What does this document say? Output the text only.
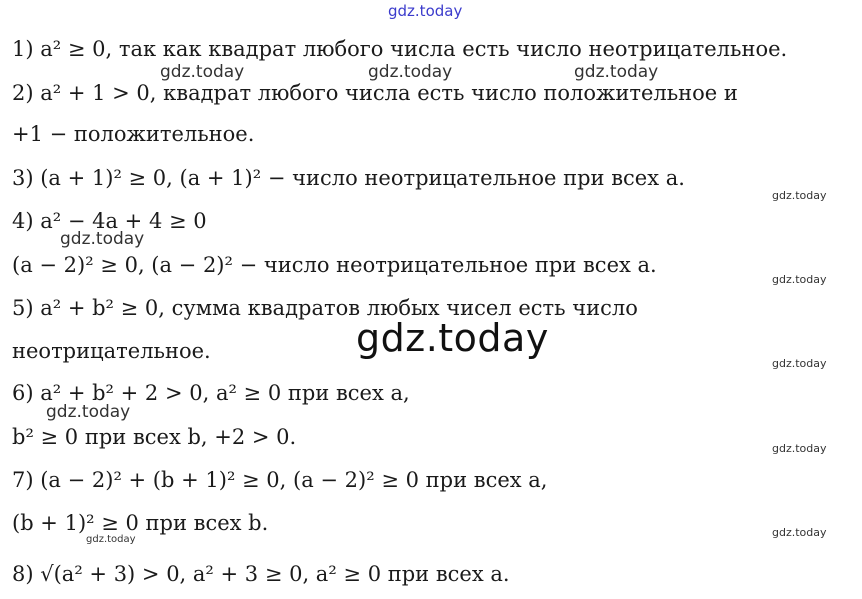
gdz.today
1) a² ≥ 0, так как квадрат любого числа есть число неотрицательное.
2) a² + 1 > 0, квадрат любого числа есть число положительное и
+1 − положительное.
3) (a + 1)² ≥ 0, (a + 1)² − число неотрицательное при всех a.
4) a² − 4a + 4 ≥ 0
(a − 2)² ≥ 0, (a − 2)² − число неотрицательное при всех a.
5) a² + b² ≥ 0, сумма квадратов любых чисел есть число
неотрицательное.
6) a² + b² + 2 > 0, a² ≥ 0 при всех a,
b² ≥ 0 при всех b, +2 > 0.
7) (a − 2)² + (b + 1)² ≥ 0, (a − 2)² ≥ 0 при всех a,
(b + 1)² ≥ 0 при всех b.
8) √(a² + 3) > 0, a² + 3 ≥ 0, a² ≥ 0 при всех a.
gdz.today	gdz.today	gdz.today
gdz.today
gdz.today
gdz.today
gdz.today
gdz.today
gdz.today
gdz.today
gdz.today
gdz.today
